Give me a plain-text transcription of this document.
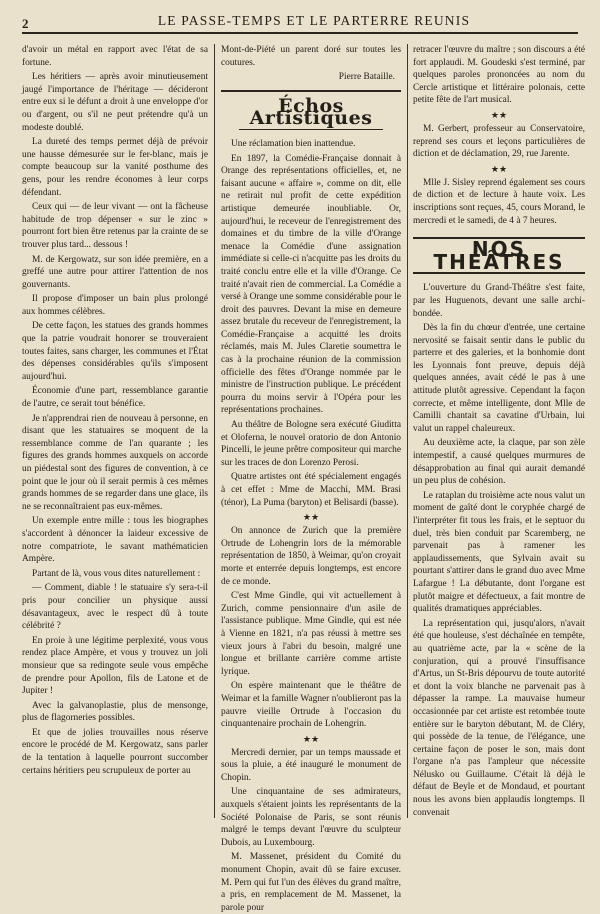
2	LE PASSE-TEMPS ET LE PARTERRE REUNIS

d'avoir un métal en rapport avec l'état de sa fortune.

Les héritiers — après avoir minutieusement jaugé l'importance de l'héritage — décideront entre eux si le défunt a droit à une enveloppe d'or ou d'argent, ou s'il ne peut prétendre qu'à un modeste doublé.

La dureté des temps permet déjà de prévoir une hausse démesurée sur le fer-blanc, mais je compte beaucoup sur la vanité posthume des gens, pour les rendre économes à leur corps défendant.

Ceux qui — de leur vivant — ont la fâcheuse habitude de trop dépenser « sur le zinc » pourront fort bien être retenus par la crainte de se trouver plus tard... dessous !

M. de Kergowatz, sur son idée première, en a greffé une autre pour attirer l'attention de nos gouvernants.

Il propose d'imposer un bain plus prolongé aux hommes célèbres.

De cette façon, les statues des grands hommes que la patrie voudrait honorer se trouveraient toutes faites, sans charger, les communes et l'État des dépenses considérables qu'ils s'imposent aujourd'hui.

Économie d'une part, ressemblance garantie de l'autre, ce serait tout bénéfice.

Je n'apprendrai rien de nouveau à personne, en disant que les statuaires se moquent de la ressemblance comme de l'an quarante ; les figures des grands hommes auxquels on accorde un piédestal sont des figures de convention, à ce point que le jour où il serait permis à ces mêmes grands hommes de se regarder dans une glace, ils ne se reconnaîtraient pas eux-mêmes.

Un exemple entre mille : tous les biographes s'accordent à dénoncer la laideur excessive de notre compatriote, le savant mathématicien Ampère.

Partant de là, vous vous dites naturellement :

— Comment, diable ! le statuaire s'y sera-t-il pris pour concilier un physique aussi désavantageux, avec le respect dû à toute célébrité ?

En proie à une légitime perplexité, vous vous rendez place Ampère, et vous y trouvez un joli monsieur que sa redingote seule vous empêche de prendre pour Apollon, fils de Latone et de Jupiter !

Avec la galvanoplastie, plus de mensonge, plus de flagorneries possibles.

Et que de jolies trouvailles nous réserve encore le procédé de M. Kergowatz, sans parler de la tentation à laquelle pourront succomber certains héritiers peu scrupuleux de porter au

Mont-de-Piété un parent doré sur toutes les coutures.

Pierre Bataille.
Échos Artistiques

Une réclamation bien inattendue.

En 1897, la Comédie-Française donnait à Orange des représentations officielles, et, ne faisant aucune « affaire », comme on dit, elle ne retirait nul profit de cette expédition artistique demeurée inoubliable. Or, aujourd'hui, le receveur de l'enregistrement des domaines et du timbre de la ville d'Orange menace la Comédie d'une assignation immédiate si celle-ci n'acquitte pas les droits du traité conclu entre elle et la ville d'Orange. Ce traité n'avait rien de commercial. La Comédie a versé à Orange une somme considérable pour le droit des pauvres. Devant la mise en demeure assez brutale du receveur de l'enregistrement, la Comédie-Française a acquitté les droits réclamés, mais M. Jules Claretie soumettra le cas à la prochaine réunion de la commission officielle des fêtes d'Orange nommée par le ministre de l'instruction publique. Le précédent pourra du moins servir à l'Opéra pour les représentations prochaines.

Au théâtre de Bologne sera exécuté Giuditta et Oloferna, le nouvel oratorio de don Antonio Pincelli, le jeune prêtre compositeur qui marche sur les traces de don Lorenzo Perosi.

Quatre artistes ont été spécialement engagés à cet effet : Mme de Macchi, MM. Brasi (ténor), La Puma (baryton) et Belisardi (basse).

★★

On annonce de Zurich que la première Ortrude de Lohengrin lors de la mémorable représentation de 1850, à Weimar, qu'on croyait morte et enterrée depuis longtemps, est encore de ce monde.

C'est Mme Gindle, qui vit actuellement à Zurich, comme pensionnaire d'un asile de l'assistance publique. Mme Gindle, qui est née à Vienne en 1821, n'a pas réussi à mettre ses vieux jours à l'abri du besoin, malgré une longue et brillante carrière comme artiste lyrique.

On espère maintenant que le théâtre de Weimar et la famille Wagner n'oublieront pas la pauvre vieille Ortrude à l'occasion du cinquantenaire prochain de Lohengrin.

★★

Mercredi dernier, par un temps maussade et sous la pluie, a été inauguré le monument de Chopin.

Une cinquantaine de ses admirateurs, auxquels s'étaient joints les représentants de la Société Polonaise de Paris, se sont réunis malgré le temps devant l'œuvre du sculpteur Dubois, au Luxembourg.

M. Massenet, président du Comité du monument Chopin, avait dû se faire excuser. M. Pern qui fut l'un des élèves du grand maître, a pris, en remplacement de M. Massenet, la parole pour

retracer l'œuvre du maître ; son discours a été fort applaudi. M. Goudeski s'est terminé, par quelques paroles prononcées au nom du Cercle artistique et littéraire polonais, cette petite fête de l'art musical.

★★

M. Gerbert, professeur au Conservatoire, reprend ses cours et leçons particulières de diction et de déclamation, 29, rue Jarente.

★★

Mlle J. Sisley reprend également ses cours de diction et de lecture à haute voix. Les inscriptions sont reçues, 45, cours Morand, le mercredi et le samedi, de 4 à 7 heures.

NOS THÉÂTRES

L'ouverture du Grand-Théâtre s'est faite, par les Huguenots, devant une salle archi-bondée.

Dès la fin du chœur d'entrée, une certaine nervosité se faisait sentir dans le public du parterre et des galeries, et la bonhomie dont les Lyonnais font preuve, depuis déjà quelques années, avait cédé le pas à une attitude plutôt agressive. Cependant la façon correcte, et même intelligente, dont Mlle de Camilli chantait sa cavatine d'Urbain, lui valut un rappel chaleureux.

Au deuxième acte, la claque, par son zèle intempestif, a causé quelques murmures de désapprobation au final qui aurait demandé un peu plus de cohésion.

Le rataplan du troisième acte nous valut un moment de gaîté dont le coryphée chargé de l'interpréter fit tous les frais, et le septuor du duel, très bien conduit par Scaremberg, ne parvenait pas à ramener les applaudissements, que Sylvain avait su pourtant s'attirer dans le grand duo avec Mme Lafargue ! La débutante, dont l'organe est plutôt maigre et défectueux, a fait montre de qualités dramatiques appréciables.

La représentation qui, jusqu'alors, n'avait été que houleuse, s'est déchaînée en tempête, au quatrième acte, par la « scène de la conjuration, qui a prouvé l'insuffisance d'Artus, un St-Bris dépourvu de toute autorité et dont la voix blanche ne parvenait pas à dépasser la rampe. La mauvaise humeur occasionnée par cet artiste est retombée toute entière sur le baryton débutant, M. de Cléry, qui possède de la tenue, de l'élégance, une certaine façon de poser le son, mais dont l'organe n'a pas l'ampleur que nécessite Nélusko ou Guillaume. C'était là déjà le défaut de Beyle et de Mondaud, et pourtant nous les avons bien applaudis longtemps. Il convenait
